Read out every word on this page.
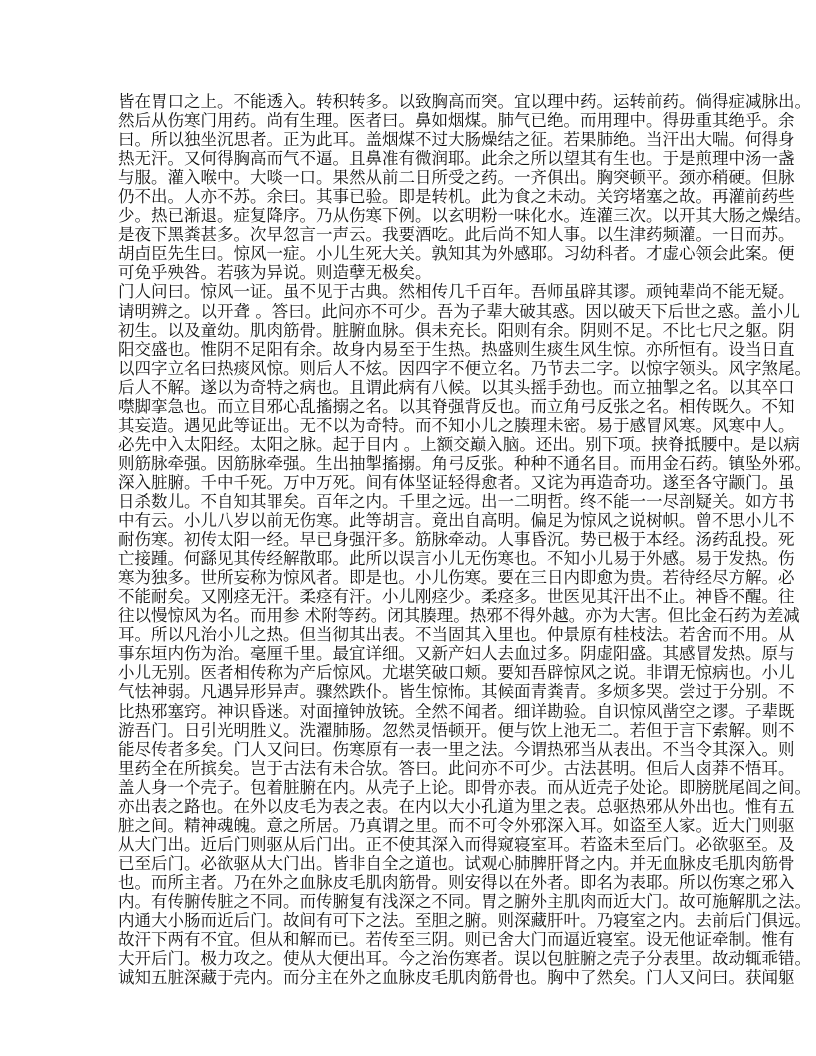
皆在胃口之上。不能透入。转积转多。以致胸高而突。宜以理中药。运转前药。倘得症减脉出。
然后从伤寒门用药。尚有生理。医者曰。鼻如烟煤。肺气已绝。而用理中。得毋重其绝乎。余
曰。所以独坐沉思者。正为此耳。盖烟煤不过大肠燥结之征。若果肺绝。当汗出大喘。何得身
热无汗。又何得胸高而气不逼。且鼻准有微润耶。此余之所以望其有生也。于是煎理中汤一盏
与服。灌入喉中。大啖一口。果然从前二日所受之药。一齐俱出。胸突顿平。颈亦稍硬。但脉
仍不出。人亦不苏。余曰。其事已验。即是转机。此为食之未动。关窍堵塞之故。再灌前药些
少。热已渐退。症复降序。乃从伤寒下例。以玄明粉一味化水。连灌三次。以开其大肠之燥结。
是夜下黑粪甚多。次早忽言一声云。我要酒吃。此后尚不知人事。以生津药频灌。一日而苏。
胡卣臣先生曰。惊风一症。小儿生死大关。孰知其为外感耶。习幼科者。才虚心领会此案。便
可免乎殃咎。若骇为异说。则造孽无极矣。
门人问曰。惊风一证。虽不见于古典。然相传几千百年。吾师虽辟其谬。顽钝辈尚不能无疑。
请明辨之。以开聋 。答曰。此问亦不可少。吾为子辈大破其惑。因以破天下后世之惑。盖小儿
初生。以及童幼。肌肉筋骨。脏腑血脉。俱未充长。阳则有余。阴则不足。不比七尺之躯。阴
阳交盛也。惟阴不足阳有余。故身内易至于生热。热盛则生痰生风生惊。亦所恒有。设当日直
以四字立名曰热痰风惊。则后人不炫。因四字不便立名。乃节去二字。以惊字领头。风字煞尾。
后人不解。遂以为奇特之病也。且谓此病有八候。以其头摇手劲也。而立抽掣之名。以其卒口
噤脚挛急也。而立目邪心乱搐搦之名。以其脊强背反也。而立角弓反张之名。相传既久。不知
其妄造。遇见此等证出。无不以为奇特。而不知小儿之腠理未密。易于感冒风寒。风寒中人。
必先中入太阳经。太阳之脉。起于目内 。上额交巅入脑。还出。别下项。挟脊抵腰中。是以病
则筋脉牵强。因筋脉牵强。生出抽掣搐搦。角弓反张。种种不通名目。而用金石药。镇坠外邪。
深入脏腑。千中千死。万中万死。间有体坚证轻得愈者。又诧为再造奇功。遂至各守颛门。虽
日杀数儿。不自知其罪矣。百年之内。千里之远。出一二明哲。终不能一一尽剖疑关。如方书
中有云。小儿八岁以前无伤寒。此等胡言。竟出自高明。偏足为惊风之说树帜。曾不思小儿不
耐伤寒。初传太阳一经。早已身强汗多。筋脉牵动。人事昏沉。势已极于本经。汤药乱投。死
亡接踵。何繇见其传经解散耶。此所以误言小儿无伤寒也。不知小儿易于外感。易于发热。伤
寒为独多。世所妄称为惊风者。即是也。小儿伤寒。要在三日内即愈为贵。若待经尽方解。必
不能耐矣。又刚痉无汗。柔痉有汗。小儿刚痉少。柔痉多。世医见其汗出不止。神昏不醒。往
往以慢惊风为名。而用参 术附等药。闭其腠理。热邪不得外越。亦为大害。但比金石药为差减
耳。所以凡治小儿之热。但当彻其出表。不当固其入里也。仲景原有桂枝法。若舍而不用。从
事东垣内伤为治。毫厘千里。最宜详细。又新产妇人去血过多。阴虚阳盛。其感冒发热。原与
小儿无别。医者相传称为产后惊风。尤堪笑破口颊。要知吾辟惊风之说。非谓无惊病也。小儿
气怯神弱。凡遇异形异声。骤然跌仆。皆生惊怖。其候面青粪青。多烦多哭。尝过于分别。不
比热邪塞窍。神识昏迷。对面撞钟放铳。全然不闻者。细详勘验。自识惊风凿空之谬。子辈既
游吾门。日引光明胜义。洗濯肺肠。忽然灵悟顿开。便与饮上池无二。若但于言下索解。则不
能尽传者多矣。门人又问曰。伤寒原有一表一里之法。今谓热邪当从表出。不当令其深入。则
里药全在所摈矣。岂于古法有未合欤。答曰。此问亦不可少。古法甚明。但后人卤莽不悟耳。
盖人身一个壳子。包着脏腑在内。从壳子上论。即骨亦表。而从近壳子处论。即膀胱尾闾之间。
亦出表之路也。在外以皮毛为表之表。在内以大小孔道为里之表。总驱热邪从外出也。惟有五
脏之间。精神魂魄。意之所居。乃真谓之里。而不可令外邪深入耳。如盗至人家。近大门则驱
从大门出。近后门则驱从后门出。正不使其深入而得窥寝室耳。若盗未至后门。必欲驱至。及
已至后门。必欲驱从大门出。皆非自全之道也。试观心肺脾肝肾之内。并无血脉皮毛肌肉筋骨
也。而所主者。乃在外之血脉皮毛肌肉筋骨。则安得以在外者。即名为表耶。所以伤寒之邪入
内。有传腑传脏之不同。而传腑复有浅深之不同。胃之腑外主肌肉而近大门。故可施解肌之法。
内通大小肠而近后门。故间有可下之法。至胆之腑。则深藏肝叶。乃寝室之内。去前后门俱远。
故汗下两有不宜。但从和解而已。若传至三阴。则已舍大门而逼近寝室。设无他证牵制。惟有
大开后门。极力攻之。使从大便出耳。今之治伤寒者。误以包脏腑之壳子分表里。故动辄乖错。
诚知五脏深藏于壳内。而分主在外之血脉皮毛肌肉筋骨也。胸中了然矣。门人又问曰。获闻躯
